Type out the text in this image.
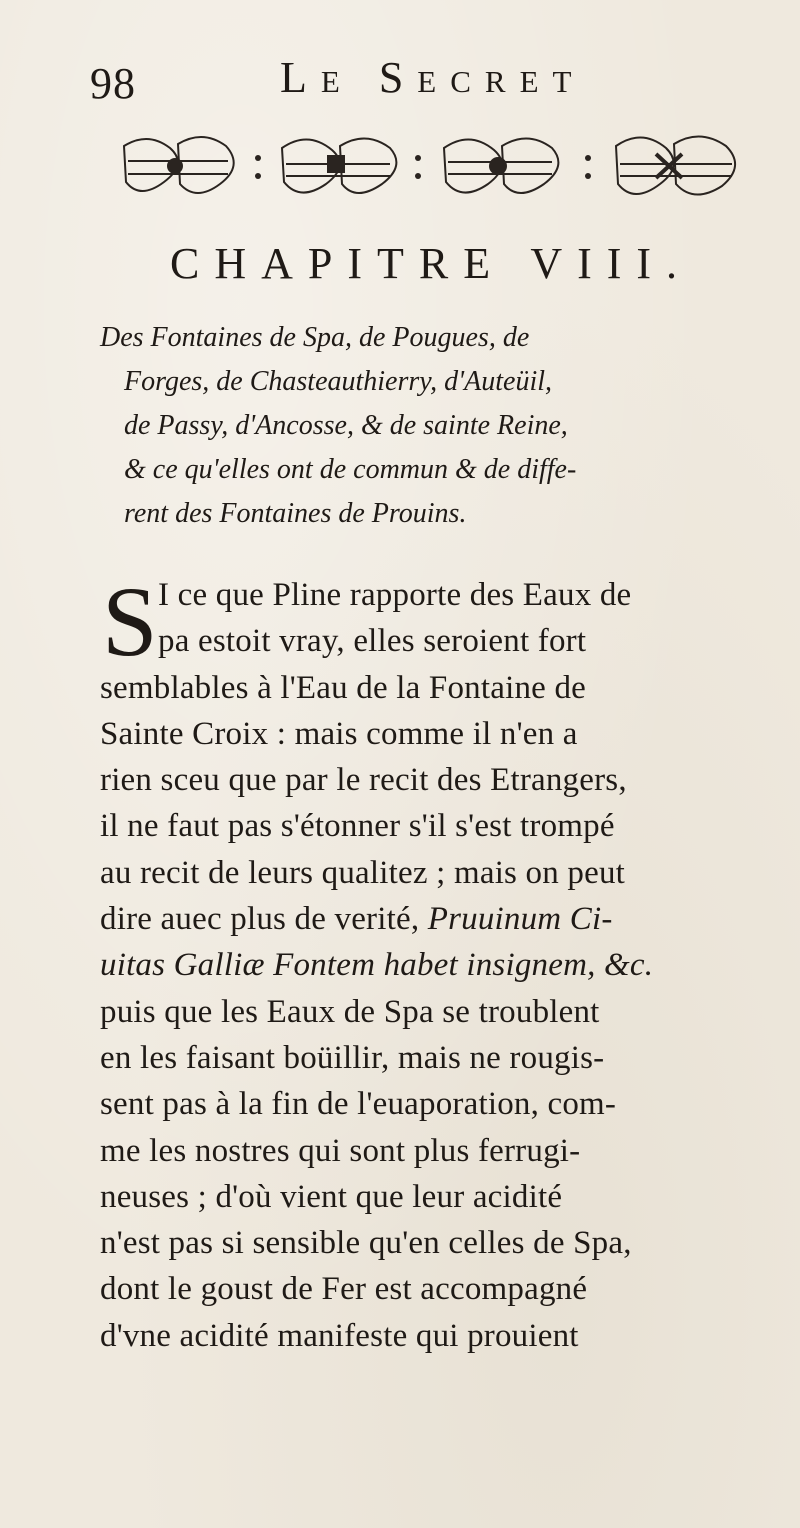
98	Le Secret
CHAPITRE VIII.
Des Fontaines de Spa, de Pougues, de
Forges, de Chasteauthierry, d'Auteüil,
de Passy, d'Ancosse, & de sainte Reine,
& ce qu'elles ont de commun & de diffe-
rent des Fontaines de Prouins.
S I ce que Pline rapporte des Eaux de
pa estoit vray, elles seroient fort
semblables à l'Eau de la Fontaine de
Sainte Croix : mais comme il n'en a
rien sceu que par le recit des Etrangers,
il ne faut pas s'étonner s'il s'est trompé
au recit de leurs qualitez ; mais on peut
dire auec plus de verité, Pruuinum Ci-
uitas Galliæ Fontem habet insignem, &c.
puis que les Eaux de Spa se troublent
en les faisant boüillir, mais ne rougis-
sent pas à la fin de l'euaporation, com-
me les nostres qui sont plus ferrugi-
neuses ; d'où vient que leur acidité
n'est pas si sensible qu'en celles de Spa,
dont le goust de Fer est accompagné
d'vne acidité manifeste qui prouient
